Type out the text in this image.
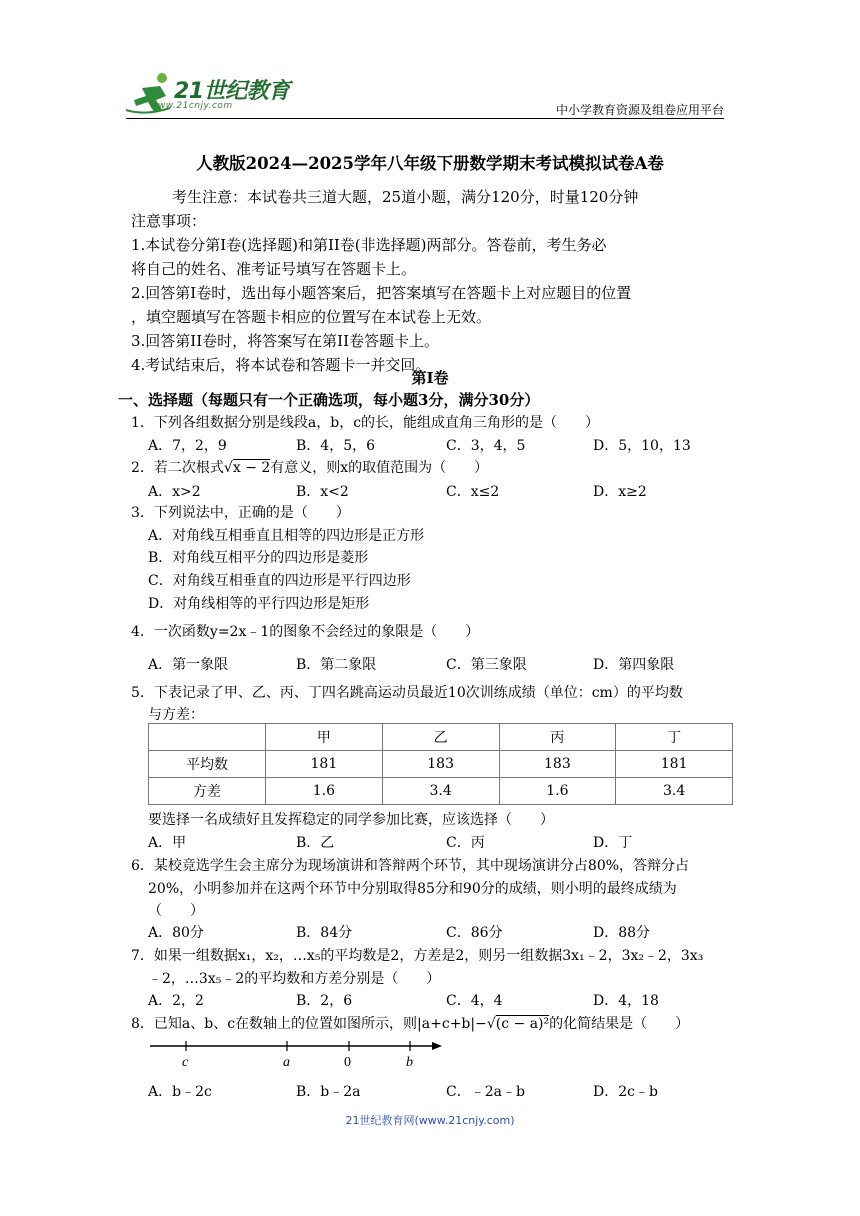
21世纪教育
www.21cnjy.com	中小学教育资源及组卷应用平台
人教版2024—2025学年八年级下册数学期末考试模拟试卷A卷
考生注意：本试卷共三道大题，25道小题，满分120分，时量120分钟
注意事项：
1.本试卷分第Ⅰ卷(选择题)和第II卷(非选择题)两部分。答卷前，考生务必
将自己的姓名、准考证号填写在答题卡上。
2.回答第Ⅰ卷时，选出每小题答案后，把答案填写在答题卡上对应题目的位置
，填空题填写在答题卡相应的位置写在本试卷上无效。
3.回答第II卷时，将答案写在第II卷答题卡上。
4.考试结束后，将本试卷和答题卡一并交回。
第Ⅰ卷
一、选择题（每题只有一个正确选项，每小题3分，满分30分）
1．下列各组数据分别是线段a，b，c的长，能组成直角三角形的是（　　）
A．7，2，9	B．4，5，6	C．3，4，5	D．5，10，13
2．若二次根式√x − 2有意义，则x的取值范围为（　　）
A．x>2	B．x<2	C．x≤2	D．x≥2
3．下列说法中，正确的是（　　）
A．对角线互相垂直且相等的四边形是正方形
B．对角线互相平分的四边形是菱形
C．对角线互相垂直的四边形是平行四边形
D．对角线相等的平行四边形是矩形
4．一次函数y=2x﹣1的图象不会经过的象限是（　　）
A．第一象限	B．第二象限	C．第三象限	D．第四象限
5．下表记录了甲、乙、丙、丁四名跳高运动员最近10次训练成绩（单位：cm）的平均数
与方差：
	甲	乙	丙	丁
平均数	181	183	183	181
方差	1.6	3.4	1.6	3.4
要选择一名成绩好且发挥稳定的同学参加比赛，应该选择（　　）
A．甲	B．乙	C．丙	D．丁
6．某校竞选学生会主席分为现场演讲和答辩两个环节，其中现场演讲分占80%，答辩分占
20%，小明参加并在这两个环节中分别取得85分和90分的成绩，则小明的最终成绩为
（　　）
A．80分	B．84分	C．86分	D．88分
7．如果一组数据x₁，x₂，…x₅的平均数是2，方差是2，则另一组数据3x₁﹣2，3x₂﹣2，3x₃
﹣2，…3x₅﹣2的平均数和方差分别是（　　）
A．2，2	B．2，6	C．4，4	D．4，18
8．已知a、b、c在数轴上的位置如图所示，则|a+c+b|−√(c − a)²的化简结果是（　　）
c	a	0	b
A．b﹣2c	B．b﹣2a	C．﹣2a﹣b	D．2c﹣b
21世纪教育网(www.21cnjy.com)
